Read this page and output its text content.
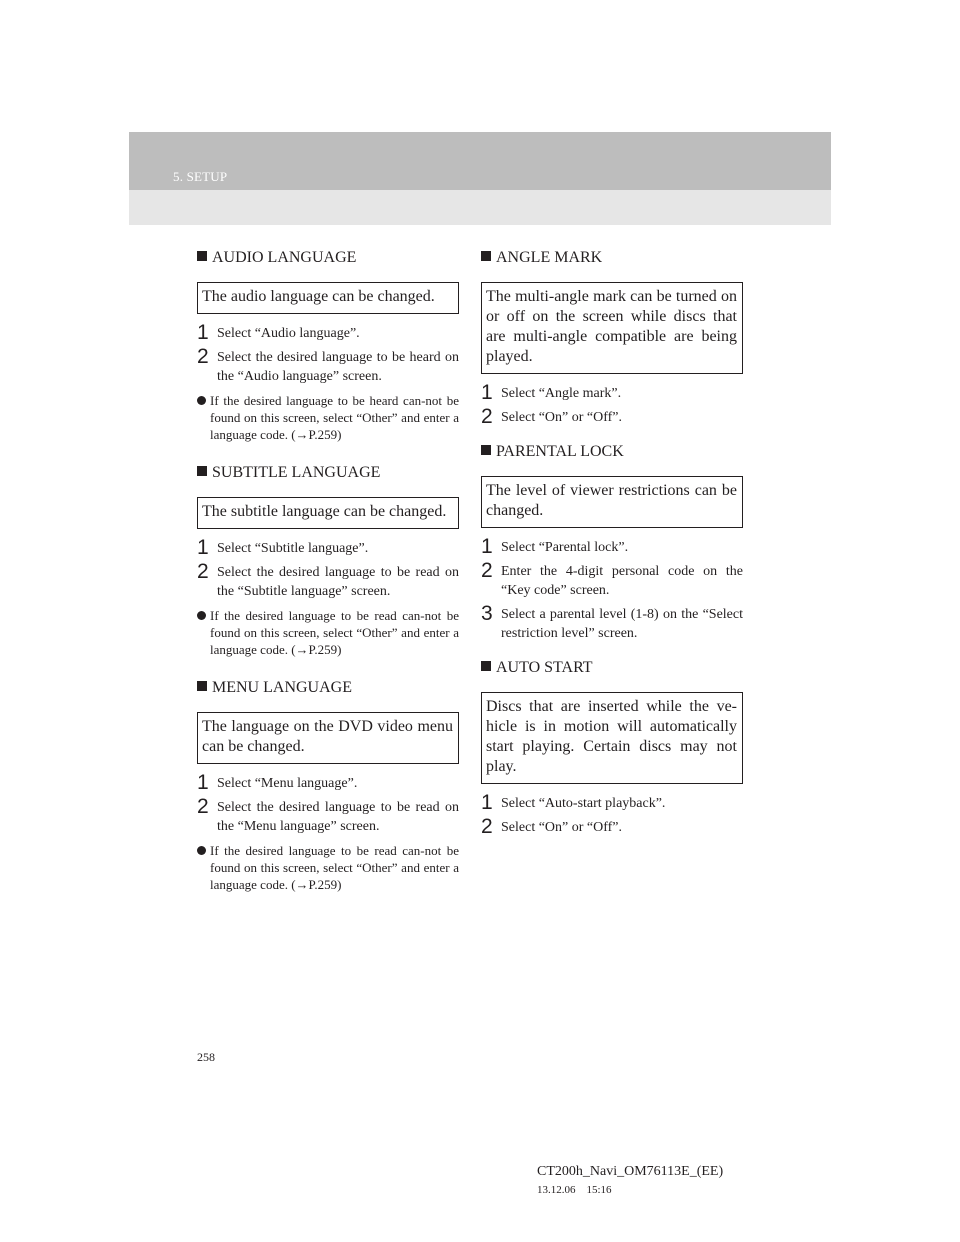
5. SETUP
AUDIO LANGUAGE
The audio language can be changed.
1 Select “Audio language”.
2 Select the desired language to be heard on the “Audio language” screen.
If the desired language to be heard can-not be found on this screen, select “Other” and enter a language code. (→P.259)
SUBTITLE LANGUAGE
The subtitle language can be changed.
1 Select “Subtitle language”.
2 Select the desired language to be read on the “Subtitle language” screen.
If the desired language to be read can-not be found on this screen, select “Other” and enter a language code. (→P.259)
MENU LANGUAGE
The language on the DVD video menu can be changed.
1 Select “Menu language”.
2 Select the desired language to be read on the “Menu language” screen.
If the desired language to be read can-not be found on this screen, select “Other” and enter a language code. (→P.259)
ANGLE MARK
The multi-angle mark can be turned on or off on the screen while discs that are multi-angle compatible are being played.
1 Select “Angle mark”.
2 Select “On” or “Off”.
PARENTAL LOCK
The level of viewer restrictions can be changed.
1 Select “Parental lock”.
2 Enter the 4-digit personal code on the “Key code” screen.
3 Select a parental level (1-8) on the “Select restriction level” screen.
AUTO START
Discs that are inserted while the ve-hicle is in motion will automatically start playing. Certain discs may not play.
1 Select “Auto-start playback”.
2 Select “On” or “Off”.
258
CT200h_Navi_OM76113E_(EE)
13.12.06 15:16
